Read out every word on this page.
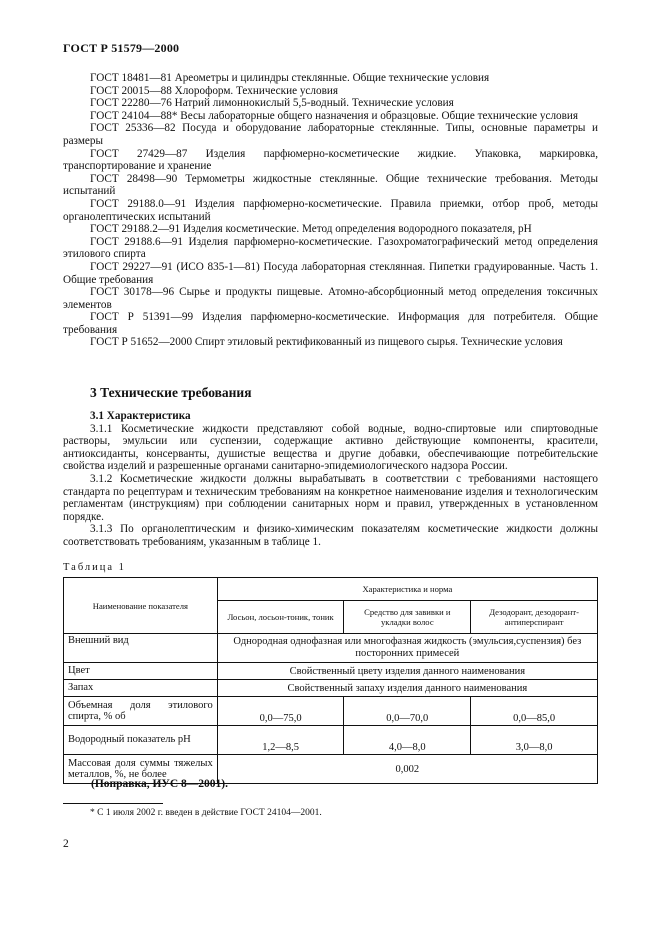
ГОСТ Р 51579—2000

ГОСТ 18481—81 Ареометры и цилиндры стеклянные. Общие технические условия

ГОСТ 20015—88 Хлороформ. Технические условия

ГОСТ 22280—76 Натрий лимоннокислый 5,5-водный. Технические условия

ГОСТ 24104—88* Весы лабораторные общего назначения и образцовые. Общие технические условия

ГОСТ 25336—82 Посуда и оборудование лабораторные стеклянные. Типы, основные параметры и размеры

ГОСТ 27429—87 Изделия парфюмерно-косметические жидкие. Упаковка, маркировка, транспортирование и хранение

ГОСТ 28498—90 Термометры жидкостные стеклянные. Общие технические требования. Методы испытаний

ГОСТ 29188.0—91 Изделия парфюмерно-косметические. Правила приемки, отбор проб, методы органолептических испытаний

ГОСТ 29188.2—91 Изделия косметические. Метод определения водородного показателя, рН

ГОСТ 29188.6—91 Изделия парфюмерно-косметические. Газохроматографический метод определения этилового спирта

ГОСТ 29227—91 (ИСО 835-1—81) Посуда лабораторная стеклянная. Пипетки градуированные. Часть 1. Общие требования

ГОСТ 30178—96 Сырье и продукты пищевые. Атомно-абсорбционный метод определения токсичных элементов

ГОСТ Р 51391—99 Изделия парфюмерно-косметические. Информация для потребителя. Общие требования

ГОСТ Р 51652—2000 Спирт этиловый ректификованный из пищевого сырья. Технические условия

3 Технические требования

3.1 Характеристика

3.1.1 Косметические жидкости представляют собой водные, водно-спиртовые или спиртоводные растворы, эмульсии или суспензии, содержащие активно действующие компоненты, красители, антиоксиданты, консерванты, душистые вещества и другие добавки, обеспечивающие потребительские свойства изделий и разрешенные органами санитарно-эпидемиологического надзора России.

3.1.2 Косметические жидкости должны вырабатывать в соответствии с требованиями настоящего стандарта по рецептурам и техническим требованиям на конкретное наименование изделия и технологическим регламентам (инструкциям) при соблюдении санитарных норм и правил, утвержденных в установленном порядке.

3.1.3 По органолептическим и физико-химическим показателям косметические жидкости должны соответствовать требованиям, указанным в таблице 1.

Таблица 1
Наименование показателя	Характеристика и норма		
	Лосьон, лосьон-тоник, тоник	Средство для завивки и укладки волос	Дезодорант, дезодорант-антиперспирант
Внешний вид	Однородная однофазная или многофазная жидкость (эмульсия,суспензия) без посторонних примесей		
Цвет	Свойственный цвету изделия данного наименования		
Запах	Свойственный запаху изделия данного наименования		
Объемная доля этилового спирта, % об	0,0—75,0	0,0—70,0	0,0—85,0
Водородный показатель рН	1,2—8,5	4,0—8,0	3,0—8,0
Массовая доля суммы тяжелых металлов, %, не более	0,002		
(Поправка, ИУС 8—2001).
* С 1 июля 2002 г. введен в действие ГОСТ 24104—2001.
2
